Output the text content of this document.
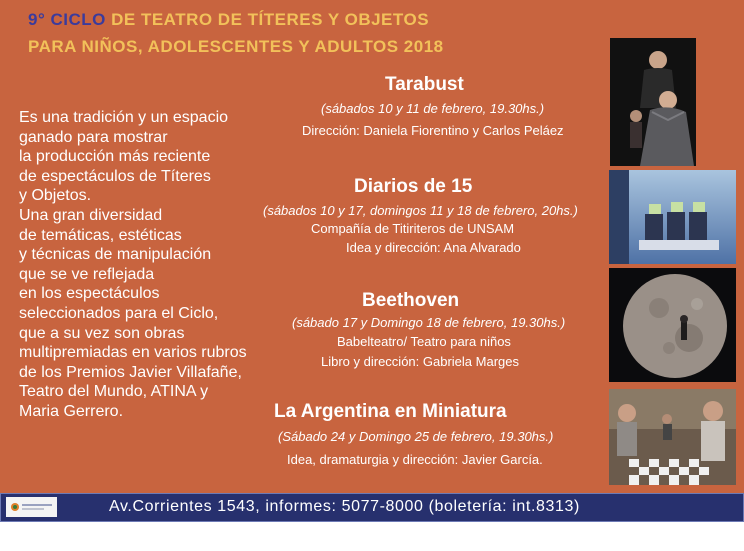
9° CICLO DE TEATRO DE TÍTERES Y OBJETOS
PARA NIÑOS, ADOLESCENTES Y ADULTOS 2018
Es una tradición y un espacio
ganado para mostrar
la producción más reciente
de espectáculos de Títeres
y Objetos.
Una gran diversidad
de temáticas, estéticas
y técnicas de manipulación
que se ve reflejada
en los espectáculos
seleccionados para el Ciclo,
que a su vez son obras
multipremiadas en varios rubros
de los Premios Javier Villafañe,
Teatro del Mundo, ATINA y
Maria Gerrero.
Tarabust
(sábados 10 y 11 de febrero, 19.30hs.)
Dirección: Daniela Fiorentino y Carlos Peláez
Diarios de 15
(sábados 10 y 17, domingos 11 y 18 de febrero, 20hs.)
Compañía de Titiriteros de UNSAM
Idea y dirección: Ana Alvarado
Beethoven
(sábado 17 y Domingo 18 de febrero, 19.30hs.)
Babelteatro/ Teatro para niños
Libro y dirección: Gabriela Marges
La Argentina en Miniatura
(Sábado 24 y Domingo 25 de febrero, 19.30hs.)
Idea, dramaturgia y dirección: Javier García.
Av.Corrientes 1543, informes: 5077-8000 (boletería: int.8313)
